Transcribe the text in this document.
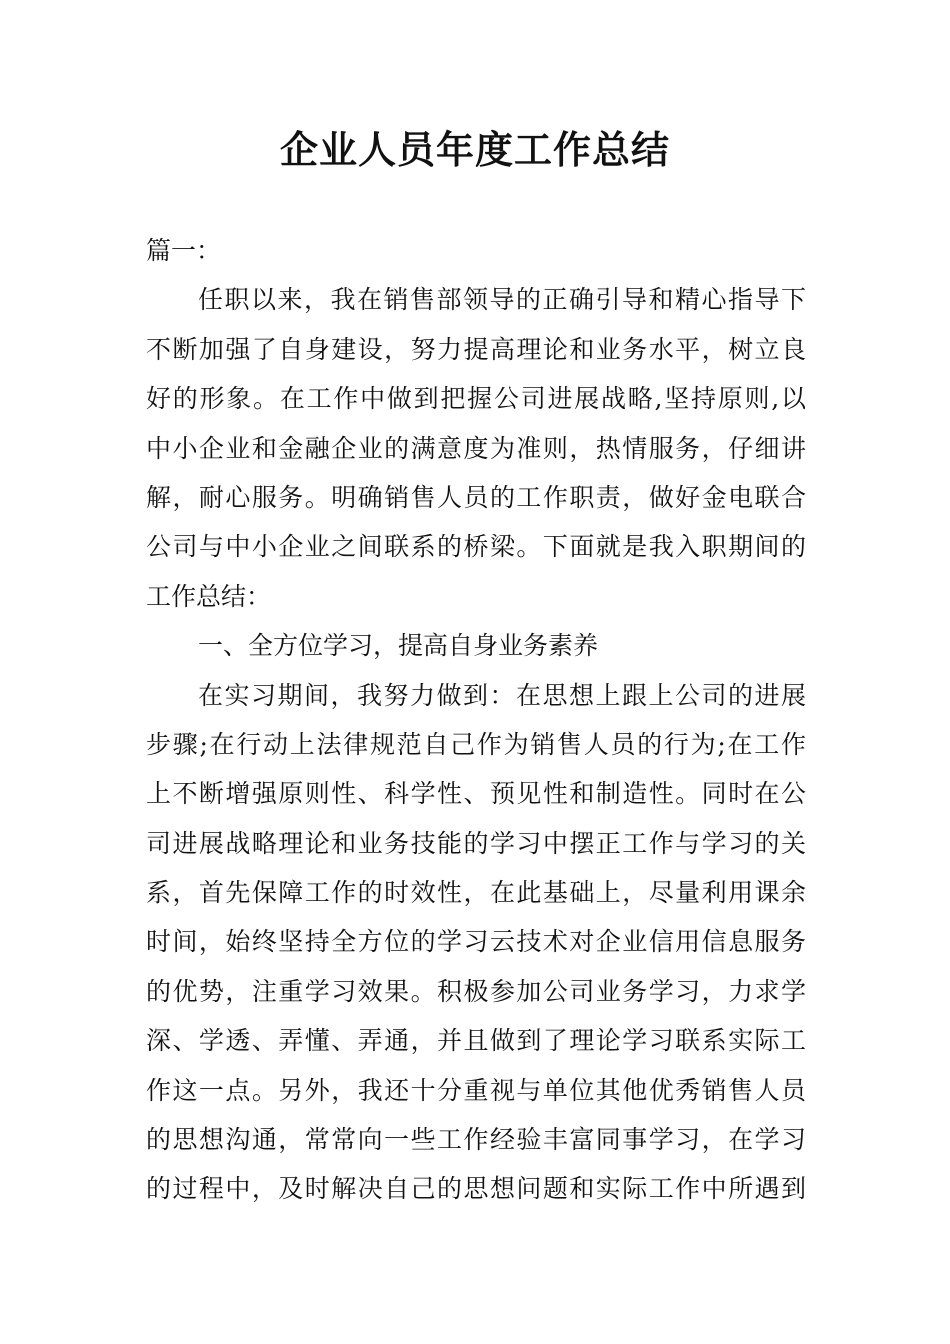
企业人员年度工作总结
篇一：
任职以来，我在销售部领导的正确引导和精心指导下
不断加强了自身建设，努力提高理论和业务水平，树立良
好的形象。在工作中做到把握公司进展战略,坚持原则,以
中小企业和金融企业的满意度为准则，热情服务，仔细讲
解，耐心服务。明确销售人员的工作职责，做好金电联合
公司与中小企业之间联系的桥梁。下面就是我入职期间的
工作总结：
一、全方位学习，提高自身业务素养
在实习期间，我努力做到：在思想上跟上公司的进展
步骤;在行动上法律规范自己作为销售人员的行为;在工作
上不断增强原则性、科学性、预见性和制造性。同时在公
司进展战略理论和业务技能的学习中摆正工作与学习的关
系，首先保障工作的时效性，在此基础上，尽量利用课余
时间，始终坚持全方位的学习云技术对企业信用信息服务
的优势，注重学习效果。积极参加公司业务学习，力求学
深、学透、弄懂、弄通，并且做到了理论学习联系实际工
作这一点。另外，我还十分重视与单位其他优秀销售人员
的思想沟通，常常向一些工作经验丰富同事学习，在学习
的过程中，及时解决自己的思想问题和实际工作中所遇到
